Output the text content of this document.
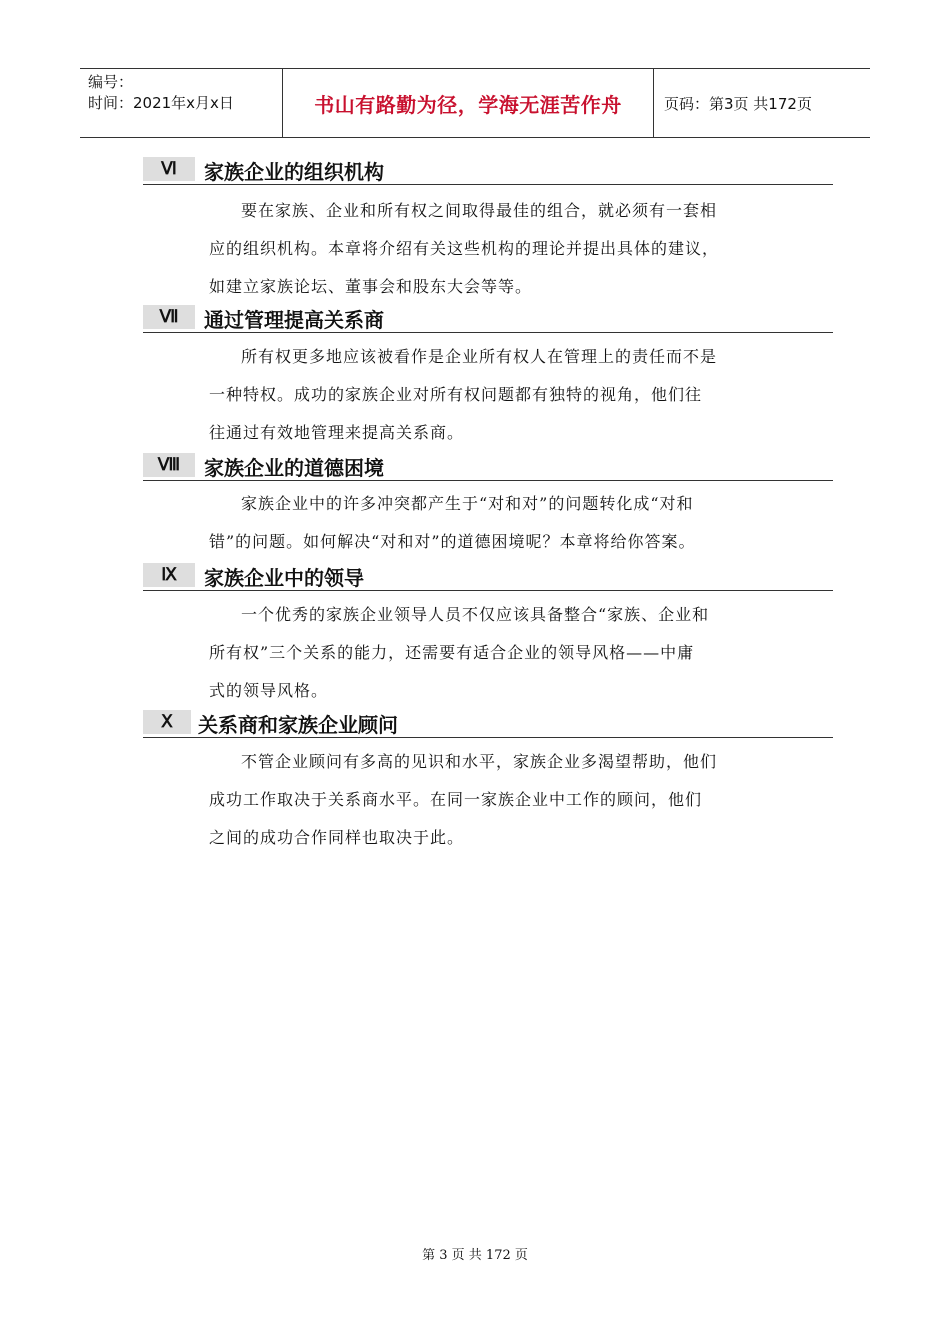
编号：
时间：2021年x月x日	书山有路勤为径，学海无涯苦作舟	页码：第3页 共172页
Ⅵ	家族企业的组织机构
要在家族、企业和所有权之间取得最佳的组合，就必须有一套相
应的组织机构。本章将介绍有关这些机构的理论并提出具体的建议，
如建立家族论坛、董事会和股东大会等等。
Ⅶ	通过管理提高关系商
所有权更多地应该被看作是企业所有权人在管理上的责任而不是
一种特权。成功的家族企业对所有权问题都有独特的视角，他们往
往通过有效地管理来提高关系商。
Ⅷ	家族企业的道德困境
家族企业中的许多冲突都产生于“对和对”的问题转化成“对和
错”的问题。如何解决“对和对”的道德困境呢？本章将给你答案。
Ⅸ	家族企业中的领导
一个优秀的家族企业领导人员不仅应该具备整合“家族、企业和
所有权”三个关系的能力，还需要有适合企业的领导风格——中庸
式的领导风格。
Ⅹ	关系商和家族企业顾问
不管企业顾问有多高的见识和水平，家族企业多渴望帮助，他们
成功工作取决于关系商水平。在同一家族企业中工作的顾问，他们
之间的成功合作同样也取决于此。
第 3 页 共 172 页
